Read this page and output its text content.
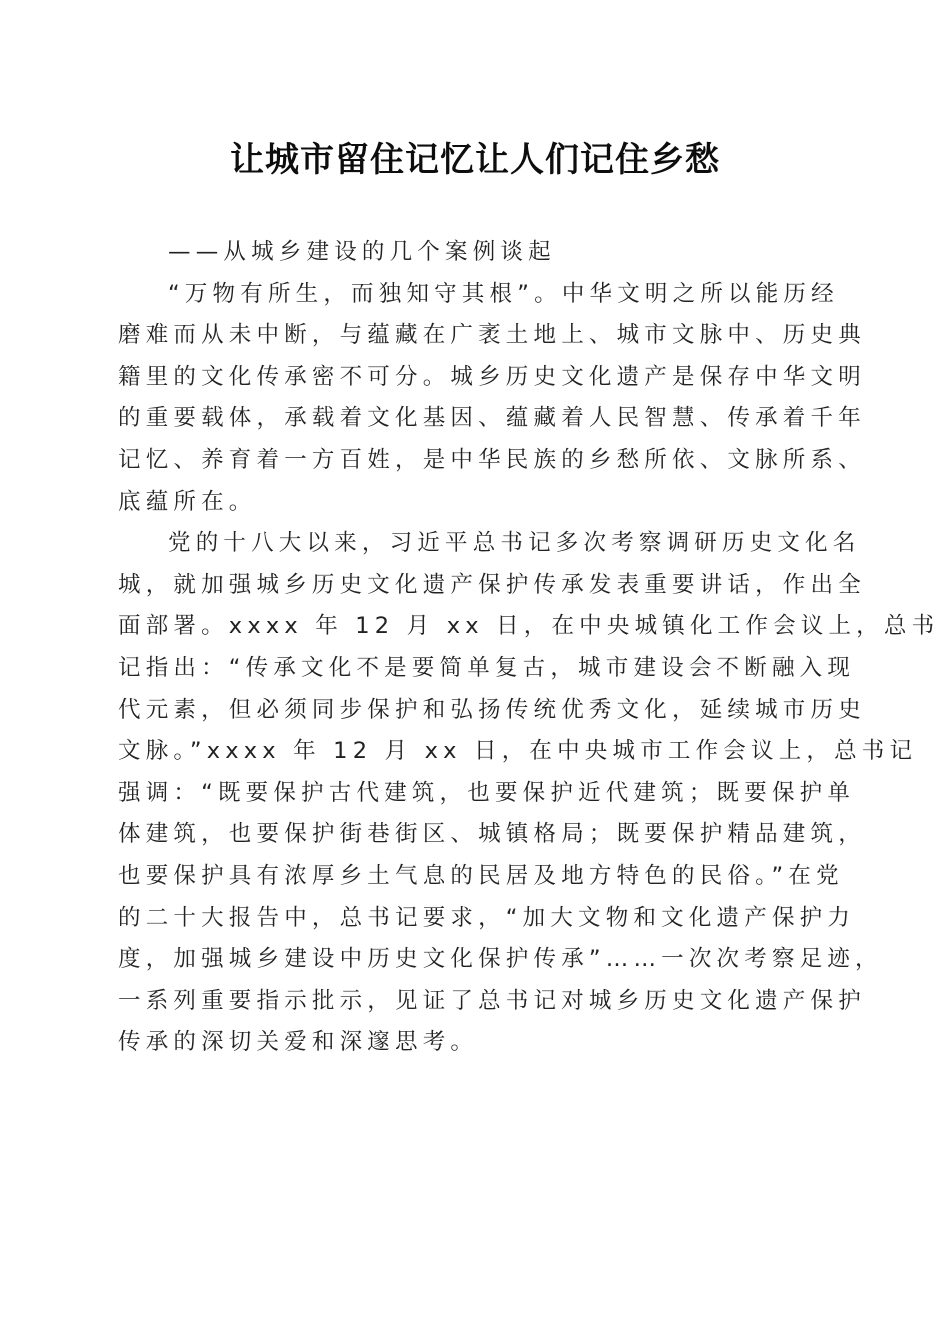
让城市留住记忆让人们记住乡愁
——从城乡建设的几个案例谈起
“万物有所生，而独知守其根”。中华文明之所以能历经
磨难而从未中断，与蕴藏在广袤土地上、城市文脉中、历史典
籍里的文化传承密不可分。城乡历史文化遗产是保存中华文明
的重要载体，承载着文化基因、蕴藏着人民智慧、传承着千年
记忆、养育着一方百姓，是中华民族的乡愁所依、文脉所系、
底蕴所在。
党的十八大以来，习近平总书记多次考察调研历史文化名
城，就加强城乡历史文化遗产保护传承发表重要讲话，作出全
面部署。xxxx 年 12 月 xx 日，在中央城镇化工作会议上，总书
记指出：“传承文化不是要简单复古，城市建设会不断融入现
代元素，但必须同步保护和弘扬传统优秀文化，延续城市历史
文脉。”xxxx 年 12 月 xx 日，在中央城市工作会议上，总书记
强调：“既要保护古代建筑，也要保护近代建筑；既要保护单
体建筑，也要保护街巷街区、城镇格局；既要保护精品建筑，
也要保护具有浓厚乡土气息的民居及地方特色的民俗。”在党
的二十大报告中，总书记要求，“加大文物和文化遗产保护力
度，加强城乡建设中历史文化保护传承”……一次次考察足迹，
一系列重要指示批示，见证了总书记对城乡历史文化遗产保护
传承的深切关爱和深邃思考。
